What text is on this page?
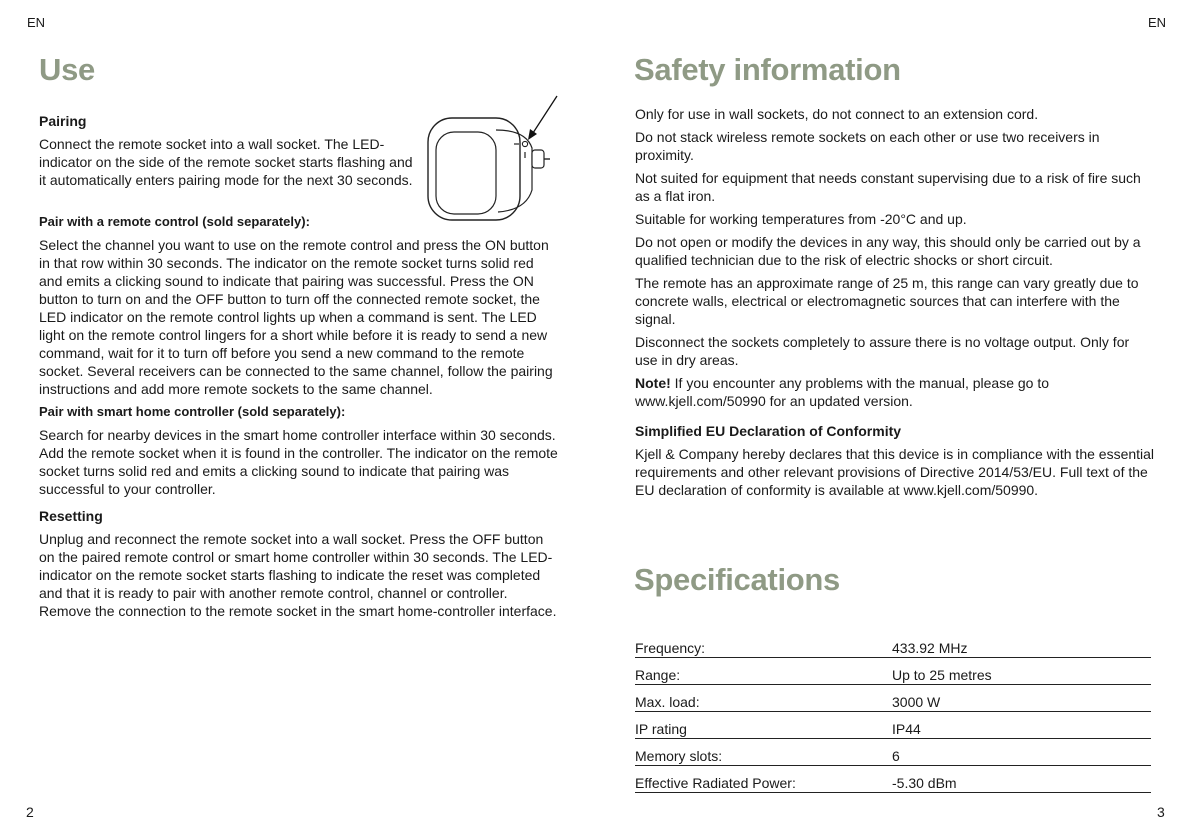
EN	EN
Use
Pairing

Connect the remote socket into a wall socket. The LED-indicator on the side of the remote socket starts flashing and it automatically enters pairing mode for the next 30 seconds.

Pair with a remote control (sold separately):

Select the channel you want to use on the remote control and press the ON button in that row within 30 seconds. The indicator on the remote socket turns solid red and emits a clicking sound to indicate that pairing was successful. Press the ON button to turn on and the OFF button to turn off the connected remote socket, the LED indicator on the remote control lights up when a command is sent. The LED light on the remote control lingers for a short while before it is ready to send a new command, wait for it to turn off before you send a new command to the remote socket. Several receivers can be connected to the same channel, follow the pairing instructions and add more remote sockets to the same channel.

Pair with smart home controller (sold separately):

Search for nearby devices in the smart home controller interface within 30 seconds. Add the remote socket when it is found in the controller. The indicator on the remote socket turns solid red and emits a clicking sound to indicate that pairing was successful to your controller.

Resetting

Unplug and reconnect the remote socket into a wall socket. Press the OFF button on the paired remote control or smart home controller within 30 seconds. The LED-indicator on the remote socket starts flashing to indicate the reset was completed and that it is ready to pair with another remote control, channel or controller. Remove the connection to the remote socket in the smart home-controller interface.

Safety information

Only for use in wall sockets, do not connect to an extension cord.

Do not stack wireless remote sockets on each other or use two receivers in proximity.

Not suited for equipment that needs constant supervising due to a risk of fire such as a flat iron.

Suitable for working temperatures from -20°C and up.

Do not open or modify the devices in any way, this should only be carried out by a qualified technician due to the risk of electric shocks or short circuit.

The remote has an approximate range of 25 m, this range can vary greatly due to concrete walls, electrical or electromagnetic sources that can interfere with the signal.

Disconnect the sockets completely to assure there is no voltage output. Only for use in dry areas.

Note! If you encounter any problems with the manual, please go to www.kjell.com/50990 for an updated version.

Simplified EU Declaration of Conformity

Kjell & Company hereby declares that this device is in compliance with the essential requirements and other relevant provisions of Directive 2014/53/EU. Full text of the EU declaration of conformity is available at www.kjell.com/50990.

Specifications
Frequency:	433.92 MHz
Range:	Up to 25 metres
Max. load:	3000 W
IP rating	IP44
Memory slots:	6
Effective Radiated Power:	-5.30 dBm
2	3
